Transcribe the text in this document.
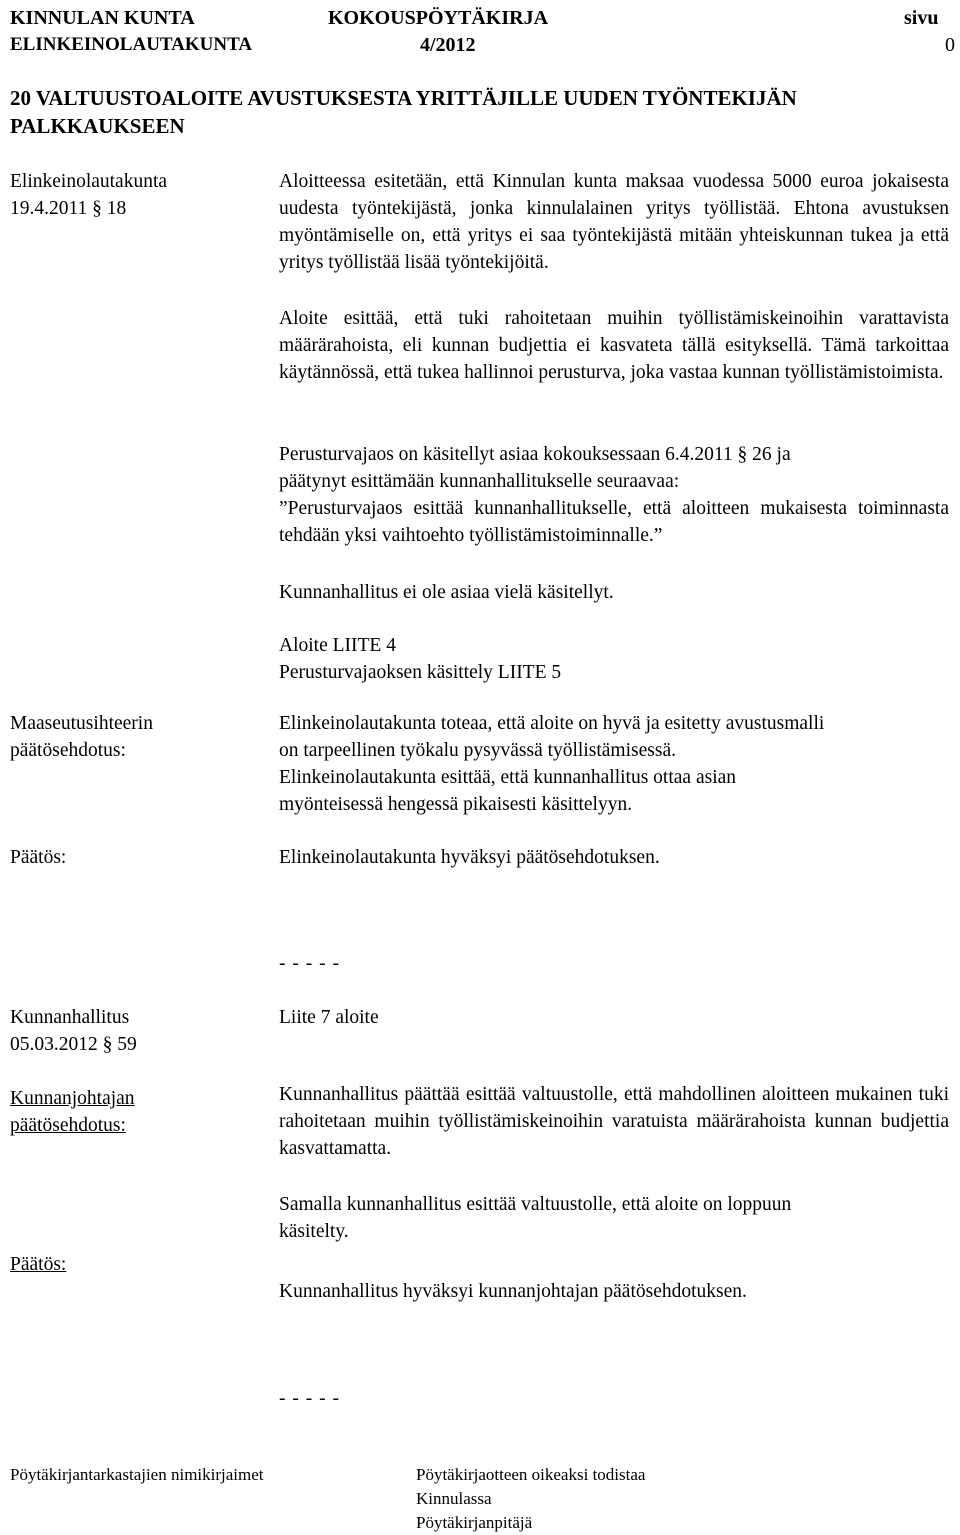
KINNULAN KUNTA	KOKOUSPÖYTÄKIRJA	sivu
ELINKEINOLAUTAKUNTA	4/2012	0
20 VALTUUSTOALOITE AVUSTUKSESTA YRITTÄJILLE UUDEN TYÖNTEKIJÄN PALKKAUKSEEN
Elinkeinolautakunta
19.4.2011 § 18
Aloitteessa esitetään, että Kinnulan kunta maksaa vuodessa 5000 euroa jokaisesta uudesta työntekijästä, jonka kinnulalainen yritys työllistää. Ehtona avustuksen myöntämiselle on, että yritys ei saa työntekijästä mitään yhteiskunnan tukea ja että yritys työllistää lisää työntekijöitä.
Aloite esittää, että tuki rahoitetaan muihin työllistämiskeinoihin varattavista määrärahoista, eli kunnan budjettia ei kasvateta tällä esityksellä. Tämä tarkoittaa käytännössä, että tukea hallinnoi perusturva, joka vastaa kunnan työllistämistoimista.

Perusturvajaos on käsitellyt asiaa kokouksessaan 6.4.2011 § 26 ja

päätynyt esittämään kunnanhallitukselle seuraavaa:

”Perusturvajaos esittää kunnanhallitukselle, että aloitteen mukaisesta toiminnasta tehdään yksi vaihtoehto työllistämistoiminnalle.”

Kunnanhallitus ei ole asiaa vielä käsitellyt.

Aloite LIITE 4

Perusturvajaoksen käsittely LIITE 5

Maaseutusihteerin
päätösehdotus:

Elinkeinolautakunta toteaa, että aloite on hyvä ja esitetty avustusmalli

on tarpeellinen työkalu pysyvässä työllistämisessä.

Elinkeinolautakunta esittää, että kunnanhallitus ottaa asian

myönteisessä hengessä pikaisesti käsittelyyn.

Päätös:	Elinkeinolautakunta hyväksyi päätösehdotuksen.
- - - - -
Kunnanhallitus
05.03.2012 § 59
Liite 7 aloite
Kunnanjohtajan
päätösehdotus:
Kunnanhallitus päättää esittää valtuustolle, että mahdollinen aloitteen mukainen tuki rahoitetaan muihin työllistämiskeinoihin varatuista määrärahoista kunnan budjettia kasvattamatta.

Samalla kunnanhallitus esittää valtuustolle, että aloite on loppuun

käsitelty.

Päätös:
Kunnanhallitus hyväksyi kunnanjohtajan päätösehdotuksen.
- - - - -
Pöytäkirjantarkastajien nimikirjaimet	Pöytäkirjaotteen oikeaksi todistaa
Kinnulassa
Pöytäkirjanpitäjä
